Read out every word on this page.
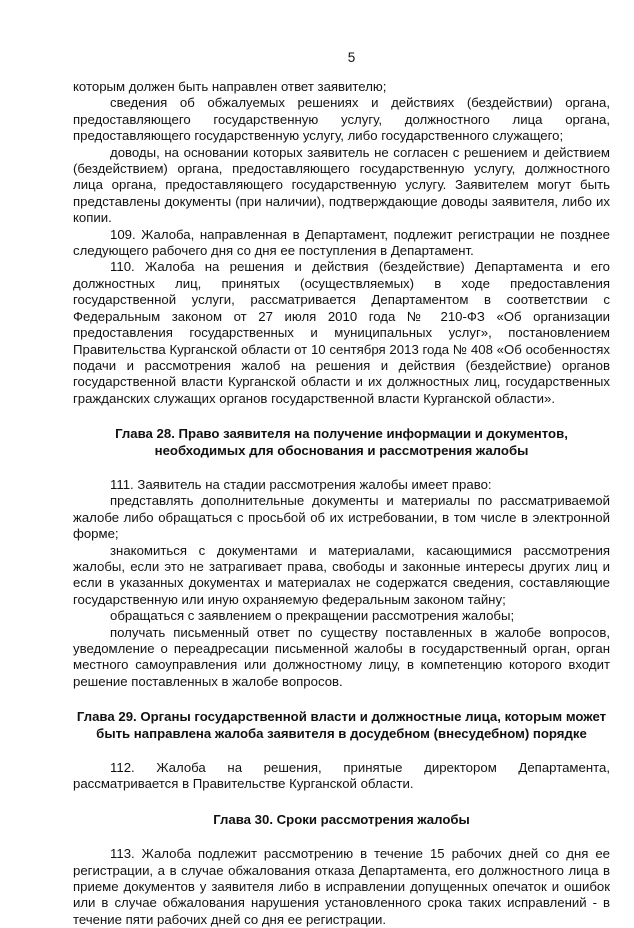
5

которым должен быть направлен ответ заявителю;

сведения об обжалуемых решениях и действиях (бездействии) органа, предоставляющего государственную услугу, должностного лица органа, предоставляющего государственную услугу, либо государственного служащего;

доводы, на основании которых заявитель не согласен с решением и действием (бездействием) органа, предоставляющего государственную услугу, должностного лица органа, предоставляющего государственную услугу. Заявителем могут быть представлены документы (при наличии), подтверждающие доводы заявителя, либо их копии.

109. Жалоба, направленная в Департамент, подлежит регистрации не позднее следующего рабочего дня со дня ее поступления в Департамент.

110. Жалоба на решения и действия (бездействие) Департамента и его должностных лиц, принятых (осуществляемых) в ходе предоставления государственной услуги, рассматривается Департаментом в соответствии с Федеральным законом от 27 июля 2010 года № 210-ФЗ «Об организации предоставления государственных и муниципальных услуг», постановлением Правительства Курганской области от 10 сентября 2013 года № 408 «Об особенностях подачи и рассмотрения жалоб на решения и действия (бездействие) органов государственной власти Курганской области и их должностных лиц, государственных гражданских служащих органов государственной власти Курганской области».

Глава 28. Право заявителя на получение информации и документов, необходимых для обоснования и рассмотрения жалобы

111. Заявитель на стадии рассмотрения жалобы имеет право:

представлять дополнительные документы и материалы по рассматриваемой жалобе либо обращаться с просьбой об их истребовании, в том числе в электронной форме;

знакомиться с документами и материалами, касающимися рассмотрения жалобы, если это не затрагивает права, свободы и законные интересы других лиц и если в указанных документах и материалах не содержатся сведения, составляющие государственную или иную охраняемую федеральным законом тайну;

обращаться с заявлением о прекращении рассмотрения жалобы;

получать письменный ответ по существу поставленных в жалобе вопросов, уведомление о переадресации письменной жалобы в государственный орган, орган местного самоуправления или должностному лицу, в компетенцию которого входит решение поставленных в жалобе вопросов.

Глава 29. Органы государственной власти и должностные лица, которым может быть направлена жалоба заявителя в досудебном (внесудебном) порядке

112. Жалоба на решения, принятые директором Департамента, рассматривается в Правительстве Курганской области.

Глава 30. Сроки рассмотрения жалобы

113. Жалоба подлежит рассмотрению в течение 15 рабочих дней со дня ее регистрации, а в случае обжалования отказа Департамента, его должностного лица в приеме документов у заявителя либо в исправлении допущенных опечаток и ошибок или в случае обжалования нарушения установленного срока таких исправлений - в течение пяти рабочих дней со дня ее регистрации.
